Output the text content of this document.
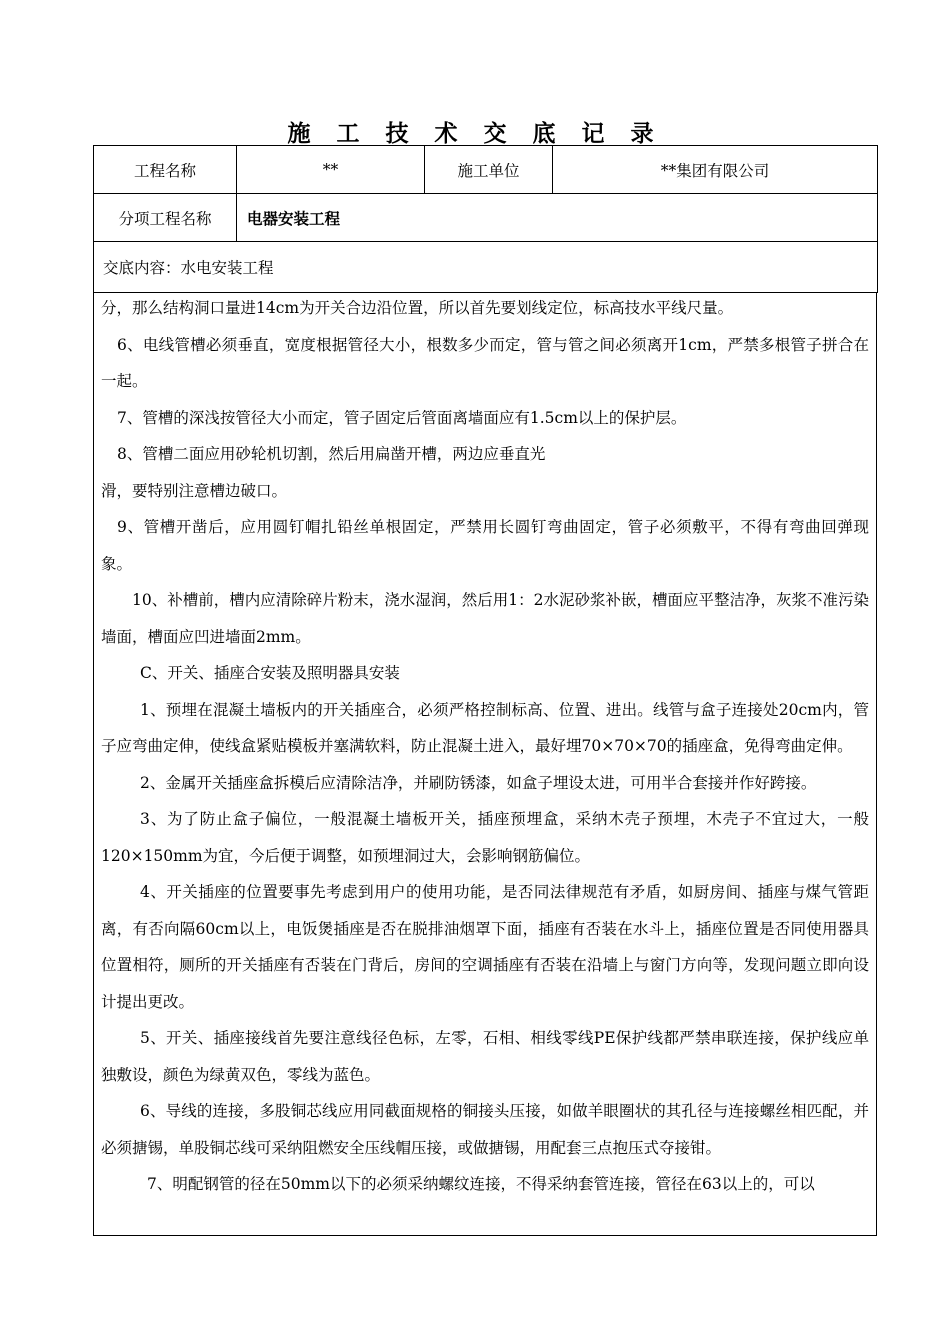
施 工 技 术 交 底 记 录
工程名称	**	施工单位	**集团有限公司
分项工程名称	电器安装工程		
交底内容：水电安装工程			

分，那么结构洞口量进14cm为开关合边沿位置，所以首先要划线定位，标高技水平线尺量。

6、电线管槽必须垂直，宽度根据管径大小，根数多少而定，管与管之间必须离开1cm，严禁多根管子拼合在一起。

7、管槽的深浅按管径大小而定，管子固定后管面离墙面应有1.5cm以上的保护层。

8、管槽二面应用砂轮机切割，然后用扁凿开槽，两边应垂直光

滑，要特别注意槽边破口。

9、管槽开凿后，应用圆钉帽扎铅丝单根固定，严禁用长圆钉弯曲固定，管子必须敷平，不得有弯曲回弹现象。

10、补槽前，槽内应清除碎片粉末，浇水湿润，然后用1：2水泥砂浆补嵌，槽面应平整洁净，灰浆不准污染墙面，槽面应凹进墙面2mm。

C、开关、插座合安装及照明器具安装

1、预埋在混凝土墙板内的开关插座合，必须严格控制标高、位置、进出。线管与盒子连接处20cm内，管子应弯曲定伸，使线盒紧贴模板并塞满软料，防止混凝土进入，最好埋70×70×70的插座盒，免得弯曲定伸。

2、金属开关插座盒拆模后应清除洁净，并刷防锈漆，如盒子埋设太进，可用半合套接并作好跨接。

3、为了防止盒子偏位，一般混凝土墙板开关，插座预埋盒，采纳木壳子预埋，木壳子不宜过大，一般120×150mm为宜，今后便于调整，如预埋洞过大，会影响钢筋偏位。

4、开关插座的位置要事先考虑到用户的使用功能，是否同法律规范有矛盾，如厨房间、插座与煤气管距离，有否向隔60cm以上，电饭煲插座是否在脱排油烟罩下面，插座有否装在水斗上，插座位置是否同使用器具位置相符，厕所的开关插座有否装在门背后，房间的空调插座有否装在沿墙上与窗门方向等，发现问题立即向设计提出更改。

5、开关、插座接线首先要注意线径色标，左零，石相、相线零线PE保护线都严禁串联连接，保护线应单独敷设，颜色为绿黄双色，零线为蓝色。

6、导线的连接，多股铜芯线应用同截面规格的铜接头压接，如做羊眼圈状的其孔径与连接螺丝相匹配，并必须搪锡，单股铜芯线可采纳阻燃安全压线帽压接，或做搪锡，用配套三点抱压式夺接钳。

7、明配钢管的径在50mm以下的必须采纳螺纹连接，不得采纳套管连接，管径在63以上的，可以
